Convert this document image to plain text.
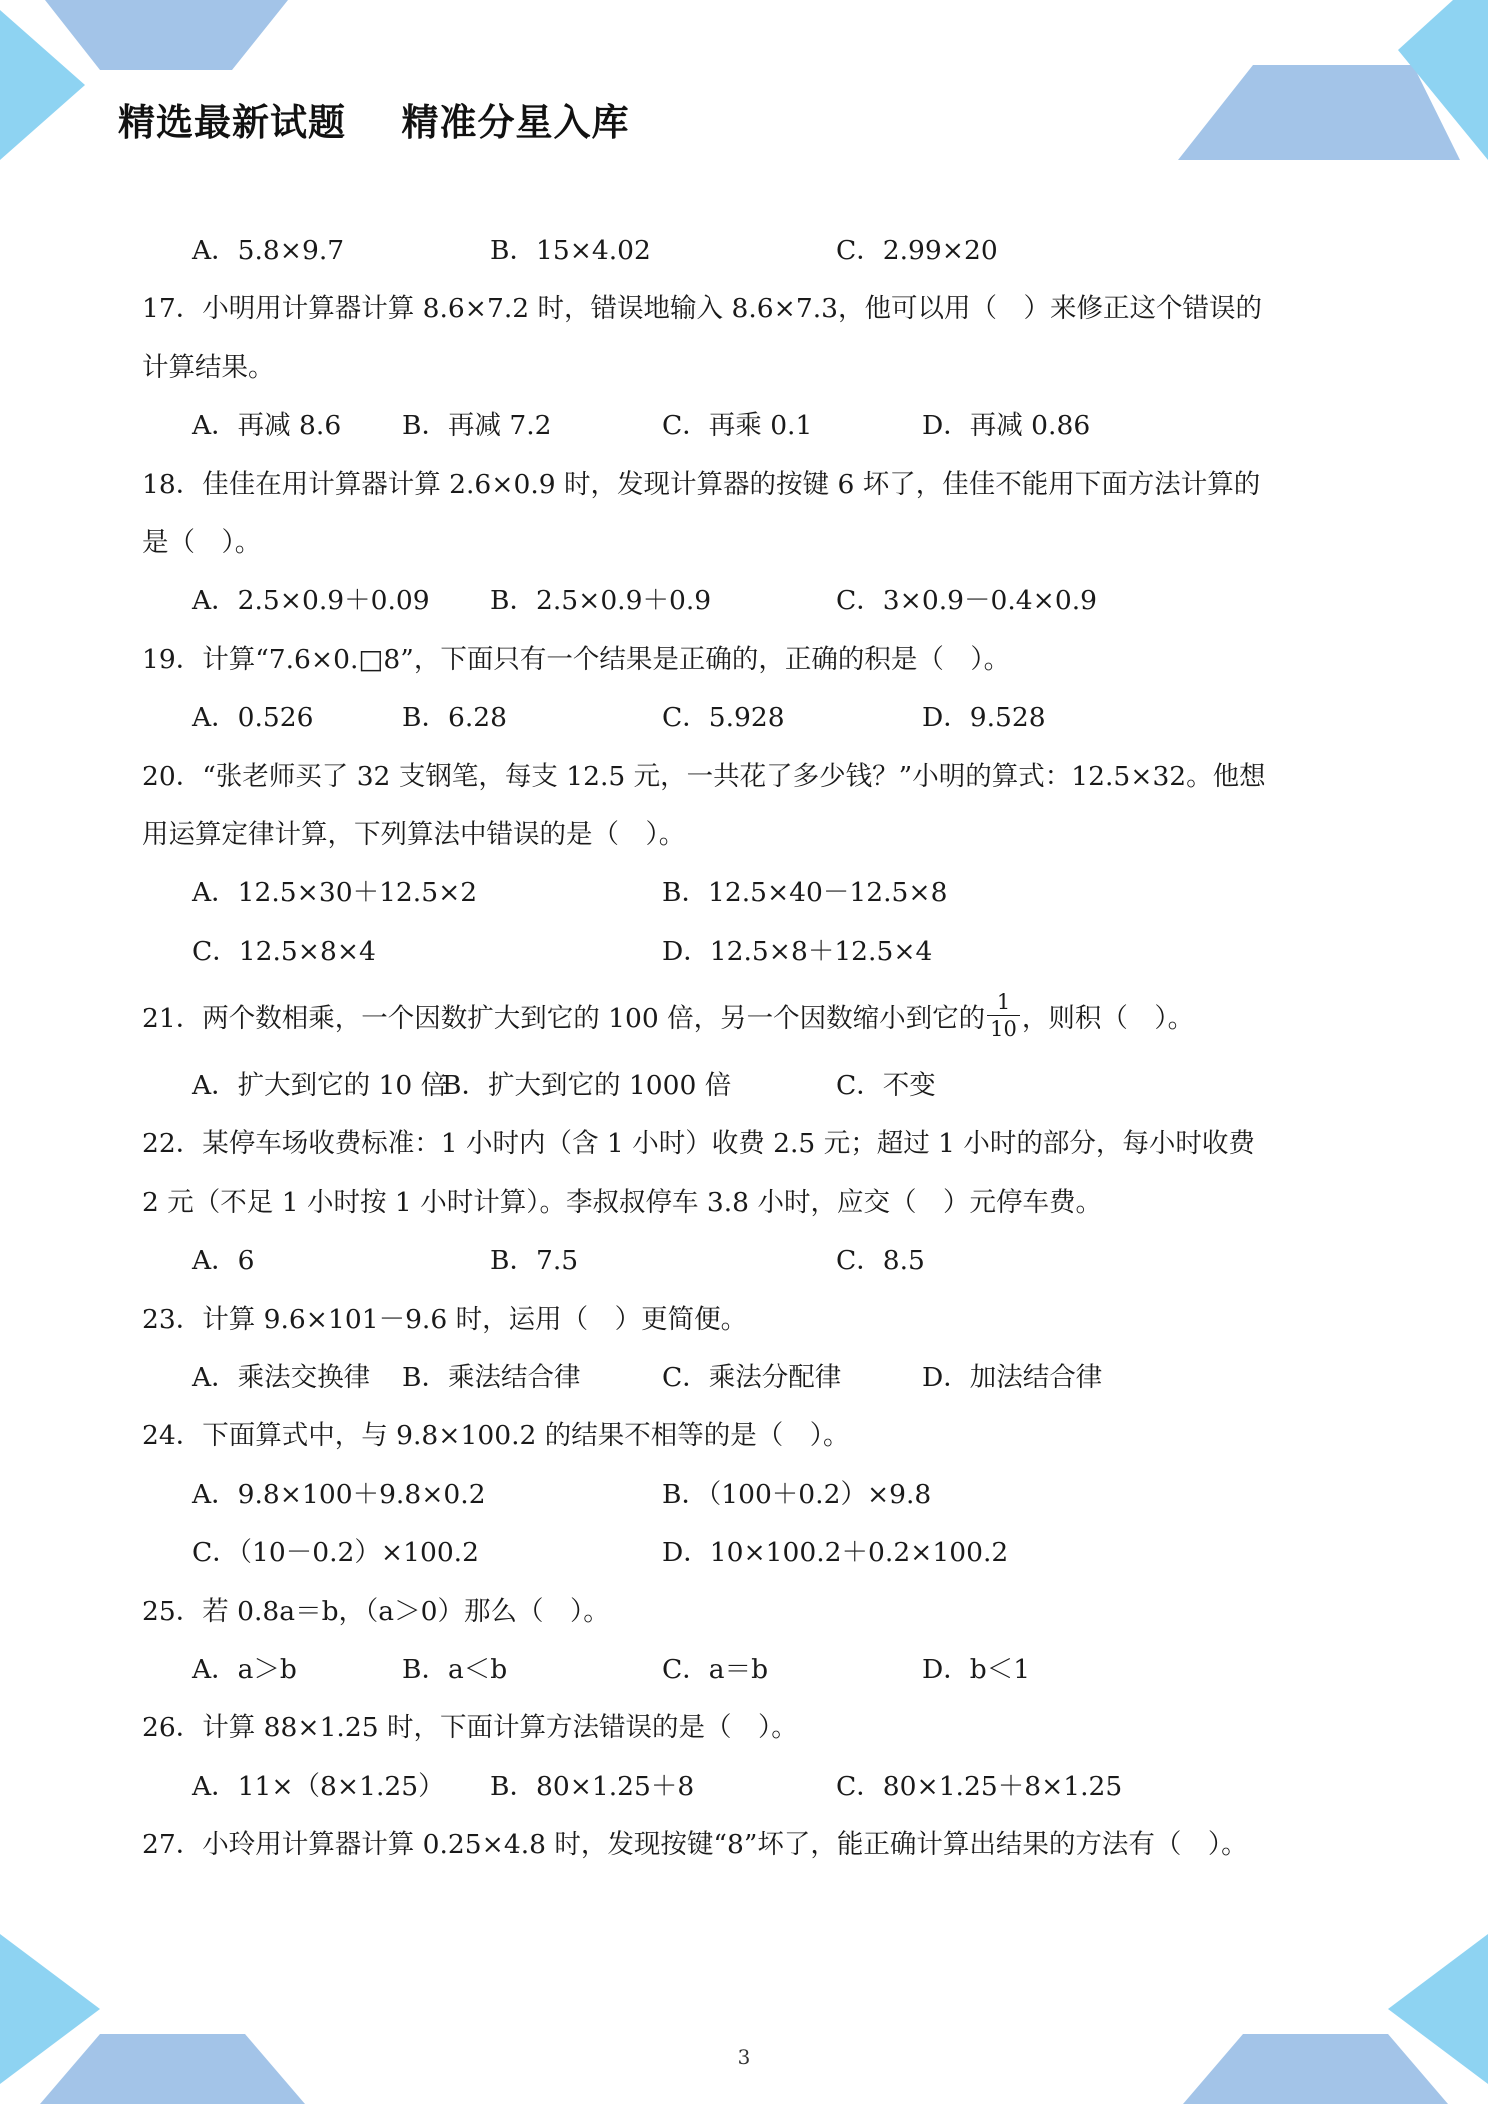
精选最新试题    精准分星入库
A．5.8×9.7	B．15×4.02	C．2.99×20
17．小明用计算器计算 8.6×7.2 时，错误地输入 8.6×7.3，他可以用（　）来修正这个错误的
计算结果。
A．再减 8.6 B．再减 7.2	C．再乘 0.1	D．再减 0.86
18．佳佳在用计算器计算 2.6×0.9 时，发现计算器的按键 6 坏了，佳佳不能用下面方法计算的
是（　）。
A．2.5×0.9＋0.09 B．2.5×0.9＋0.9	C．3×0.9－0.4×0.9
19．计算“7.6×0.□8”，下面只有一个结果是正确的，正确的积是（　）。
A．0.526	B．6.28	C．5.928	D．9.528
20．“张老师买了 32 支钢笔，每支 12.5 元，一共花了多少钱？”小明的算式：12.5×32。他想
用运算定律计算，下列算法中错误的是（　）。
A．12.5×30＋12.5×2	B．12.5×40－12.5×8
C．12.5×8×4	D．12.5×8＋12.5×4
21．两个数相乘，一个因数扩大到它的 100 倍，另一个因数缩小到它的 $\frac{1}{10}$ ，则积（　）。
A．扩大到它的 10 倍
B．扩大到它的 1000 倍	C．不变
22．某停车场收费标准：1 小时内（含 1 小时）收费 2.5 元；超过 1 小时的部分，每小时收费
2 元（不足 1 小时按 1 小时计算）。李叔叔停车 3.8 小时，应交（　）元停车费。
A．6	B．7.5	C．8.5
23．计算 9.6×101－9.6 时，运用（　）更简便。
A．乘法交换律 B．乘法结合律	C．乘法分配律	D．加法结合律
24．下面算式中，与 9.8×100.2 的结果不相等的是（　）。
A．9.8×100＋9.8×0.2	B．（100＋0.2）×9.8
C．（10－0.2）×100.2	D．10×100.2＋0.2×100.2
25．若 0.8a＝b，（a＞0）那么（　）。
A．a＞b	B．a＜b	C．a＝b	D．b＜1
26．计算 88×1.25 时，下面计算方法错误的是（　）。
A．11×（8×1.25） B．80×1.25＋8	C．80×1.25＋8×1.25
27．小玲用计算器计算 0.25×4.8 时，发现按键“8”坏了，能正确计算出结果的方法有（　）。
3
